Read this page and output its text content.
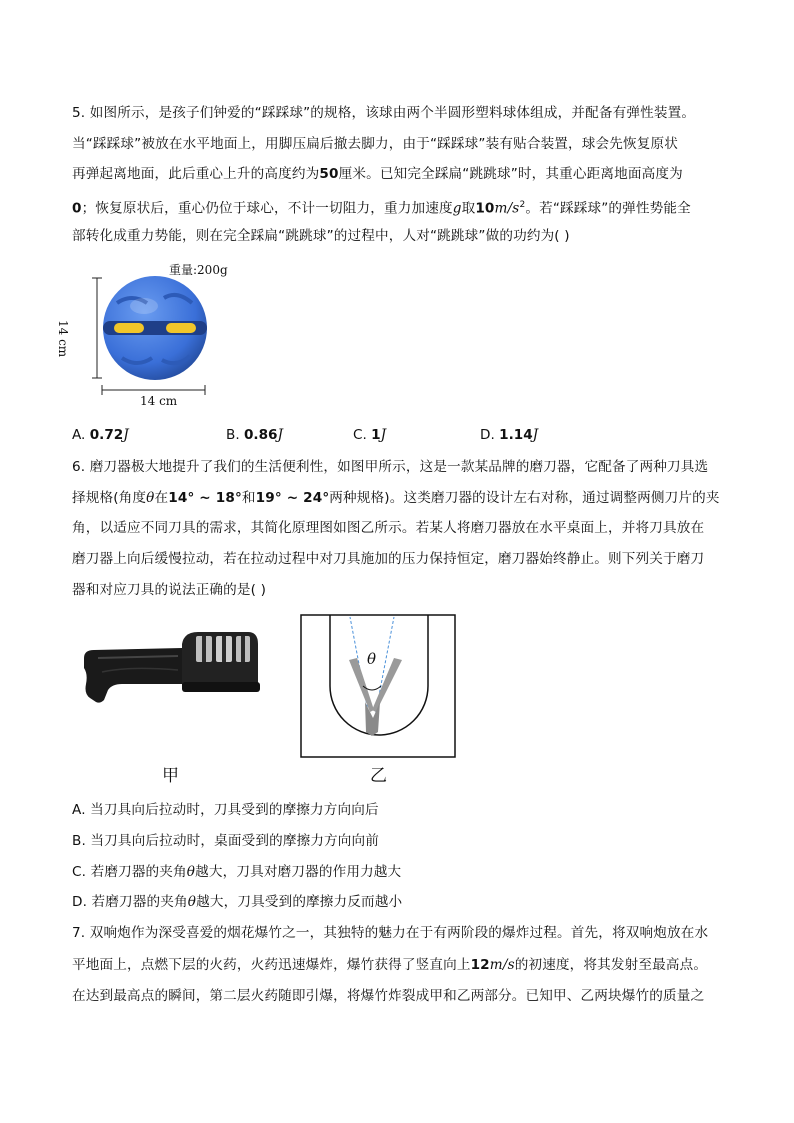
5. 如图所示，是孩子们钟爱的“踩踩球”的规格，该球由两个半圆形塑料球体组成，并配备有弹性装置。
当“踩踩球”被放在水平地面上，用脚压扁后撤去脚力，由于“踩踩球”装有贴合装置，球会先恢复原状
再弹起离地面，此后重心上升的高度约为50厘米。已知完全踩扁“跳跳球”时，其重心距离地面高度为
0；恢复原状后，重心仍位于球心，不计一切阻力，重力加速度g取$10m/s^2$。若“踩踩球”的弹性势能全
部转化成重力势能，则在完全踩扁“跳跳球”的过程中，人对“跳跳球”做的功约为( )
重量:200g
14 cm
14 cm
A. 0.72J	B. 0.86J	C. 1J	D. 1.14J
6. 磨刀器极大地提升了我们的生活便利性，如图甲所示，这是一款某品牌的磨刀器，它配备了两种刀具选
择规格(角度θ在14° ~ 18°和19° ~ 24°两种规格)。这类磨刀器的设计左右对称，通过调整两侧刀片的夹
角，以适应不同刀具的需求，其简化原理图如图乙所示。若某人将磨刀器放在水平桌面上，并将刀具放在
磨刀器上向后缓慢拉动，若在拉动过程中对刀具施加的压力保持恒定，磨刀器始终静止。则下列关于磨刀
器和对应刀具的说法正确的是( )
甲
θ
乙
A. 当刀具向后拉动时，刀具受到的摩擦力方向向后
B. 当刀具向后拉动时，桌面受到的摩擦力方向向前
C. 若磨刀器的夹角θ越大，刀具对磨刀器的作用力越大
D. 若磨刀器的夹角θ越大，刀具受到的摩擦力反而越小
7. 双响炮作为深受喜爱的烟花爆竹之一，其独特的魅力在于有两阶段的爆炸过程。首先，将双响炮放在水
平地面上，点燃下层的火药，火药迅速爆炸，爆竹获得了竖直向上12m/s的初速度，将其发射至最高点。
在达到最高点的瞬间，第二层火药随即引爆，将爆竹炸裂成甲和乙两部分。已知甲、乙两块爆竹的质量之
